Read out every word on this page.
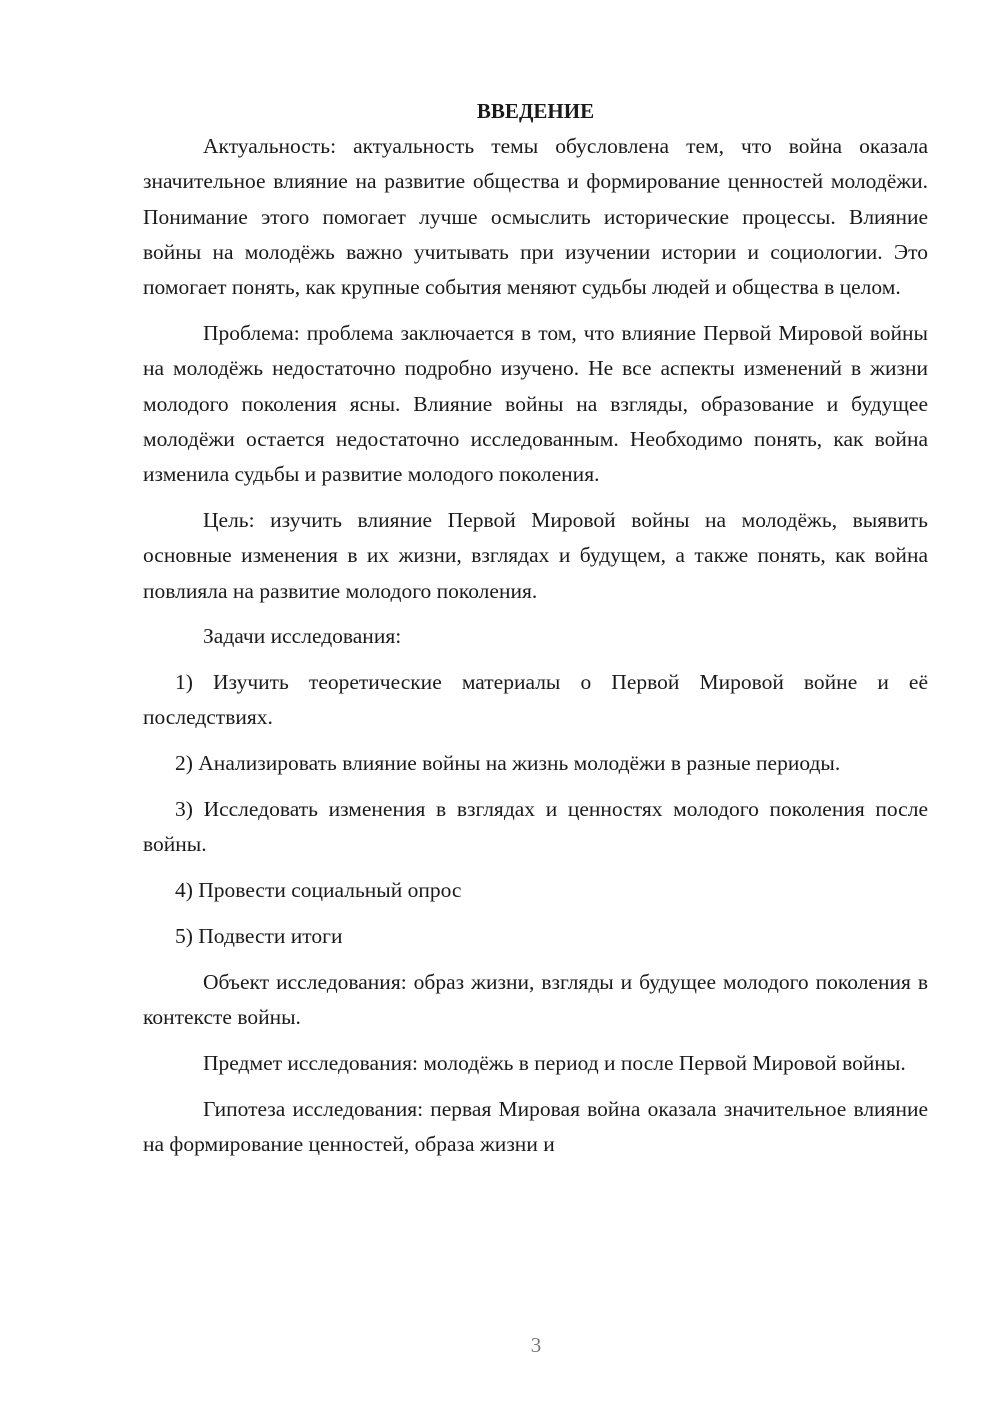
ВВЕДЕНИЕ

Актуальность: актуальность темы обусловлена тем, что война оказала значительное влияние на развитие общества и формирование ценностей молодёжи. Понимание этого помогает лучше осмыслить исторические процессы. Влияние войны на молодёжь важно учитывать при изучении истории и социологии. Это помогает понять, как крупные события меняют судьбы людей и общества в целом.

Проблема: проблема заключается в том, что влияние Первой Мировой войны на молодёжь недостаточно подробно изучено. Не все аспекты изменений в жизни молодого поколения ясны. Влияние войны на взгляды, образование и будущее молодёжи остается недостаточно исследованным. Необходимо понять, как война изменила судьбы и развитие молодого поколения.

Цель: изучить влияние Первой Мировой войны на молодёжь, выявить основные изменения в их жизни, взглядах и будущем, а также понять, как война повлияла на развитие молодого поколения.

Задачи исследования:

1) Изучить теоретические материалы о Первой Мировой войне и её последствиях.

2) Анализировать влияние войны на жизнь молодёжи в разные периоды.

3) Исследовать изменения в взглядах и ценностях молодого поколения после войны.

4) Провести социальный опрос

5) Подвести итоги

Объект исследования: образ жизни, взгляды и будущее молодого поколения в контексте войны.

Предмет исследования: молодёжь в период и после Первой Мировой войны.

Гипотеза исследования: первая Мировая война оказала значительное влияние на формирование ценностей, образа жизни и

3
